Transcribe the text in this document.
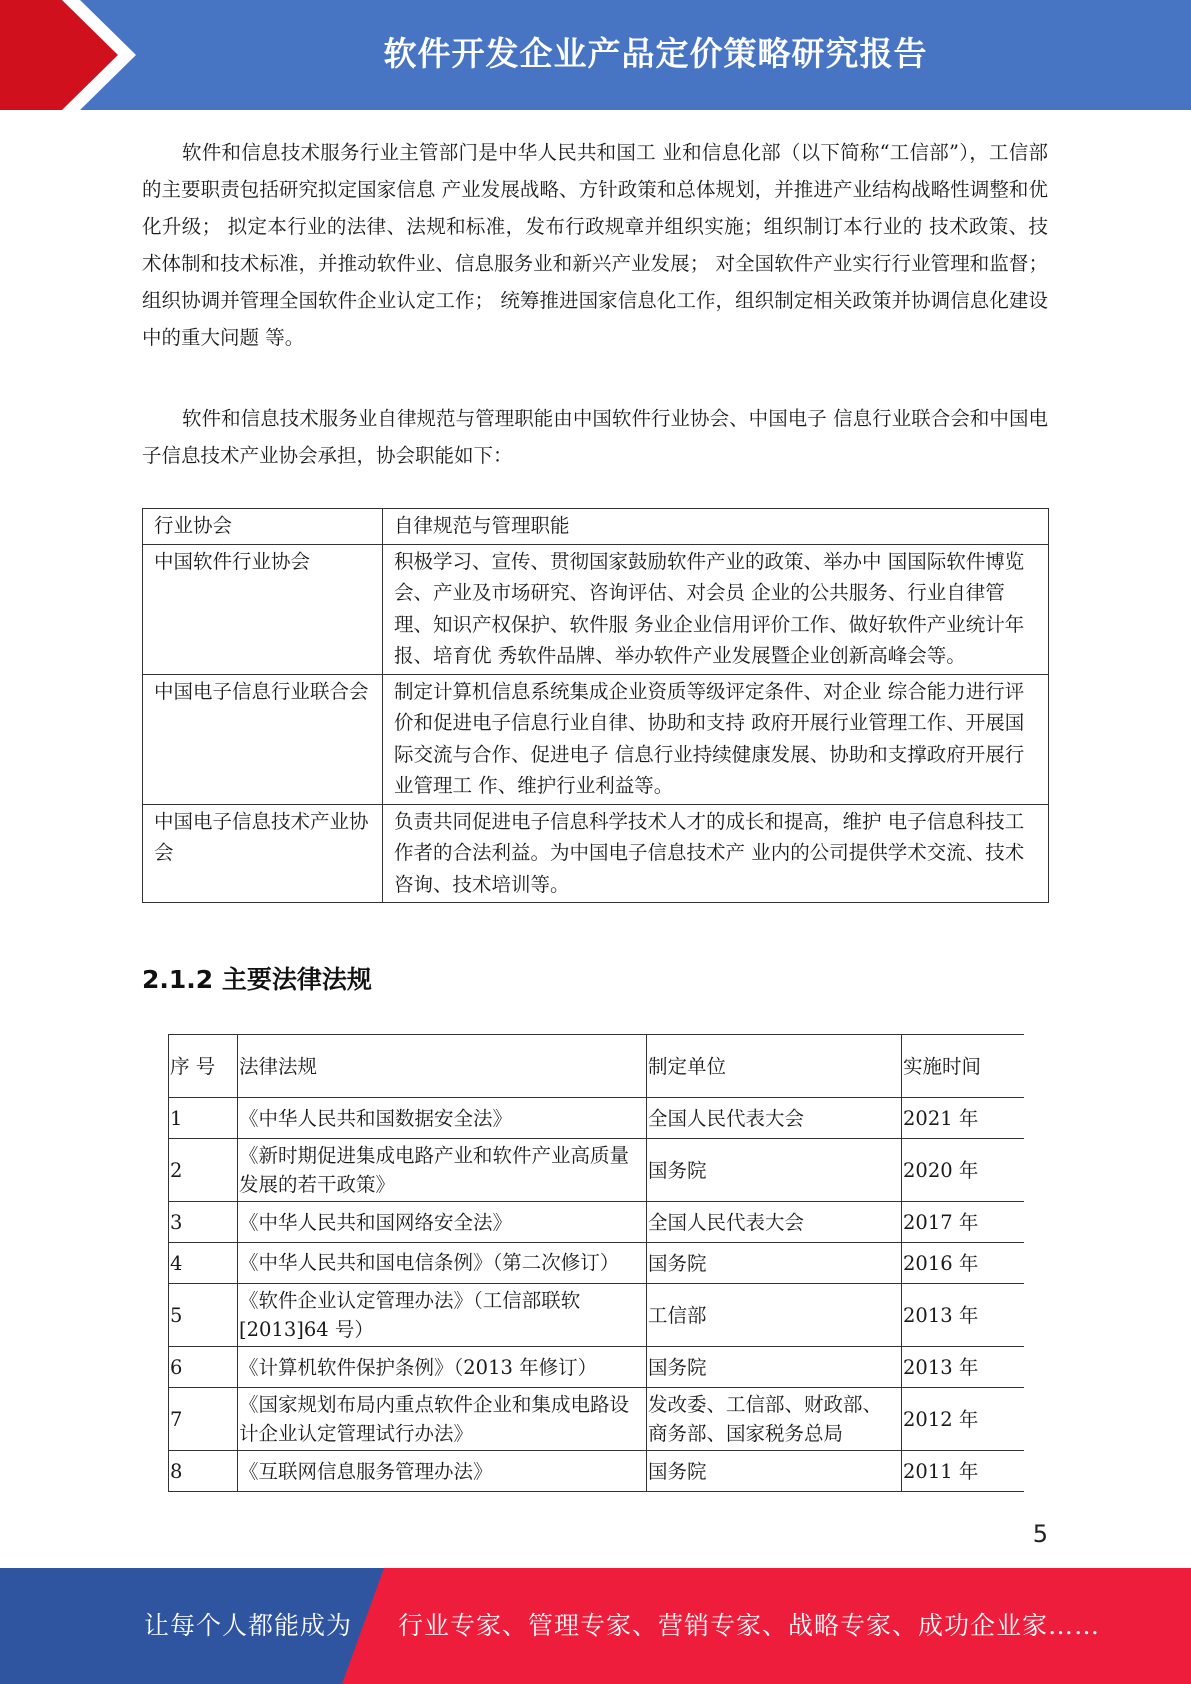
软件开发企业产品定价策略研究报告

软件和信息技术服务行业主管部门是中华人民共和国工 业和信息化部（以下简称“工信部”），工信部的主要职责包括研究拟定国家信息 产业发展战略、方针政策和总体规划，并推进产业结构战略性调整和优化升级； 拟定本行业的法律、法规和标准，发布行政规章并组织实施；组织制订本行业的 技术政策、技术体制和技术标准，并推动软件业、信息服务业和新兴产业发展； 对全国软件产业实行行业管理和监督；组织协调并管理全国软件企业认定工作； 统筹推进国家信息化工作，组织制定相关政策并协调信息化建设中的重大问题 等。

软件和信息技术服务业自律规范与管理职能由中国软件行业协会、中国电子 信息行业联合会和中国电子信息技术产业协会承担，协会职能如下：

行业协会	自律规范与管理职能
中国软件行业协会	积极学习、宣传、贯彻国家鼓励软件产业的政策、举办中 国国际软件博览会、产业及市场研究、咨询评估、对会员 企业的公共服务、行业自律管理、知识产权保护、软件服 务业企业信用评价工作、做好软件产业统计年报、培育优 秀软件品牌、举办软件产业发展暨企业创新高峰会等。
中国电子信息行业联合会	制定计算机信息系统集成企业资质等级评定条件、对企业 综合能力进行评价和促进电子信息行业自律、协助和支持 政府开展行业管理工作、开展国际交流与合作、促进电子 信息行业持续健康发展、协助和支撑政府开展行业管理工 作、维护行业利益等。
中国电子信息技术产业协会	负责共同促进电子信息科学技术人才的成长和提高，维护 电子信息科技工作者的合法利益。为中国电子信息技术产 业内的公司提供学术交流、技术咨询、技术培训等。
2.1.2 主要法律法规
序 号	法律法规	制定单位	实施时间
1	《中华人民共和国数据安全法》	全国人民代表大会	2021 年
2	《新时期促进集成电路产业和软件产业高质量发展的若干政策》	国务院	2020 年
3	《中华人民共和国网络安全法》	全国人民代表大会	2017 年
4	《中华人民共和国电信条例》（第二次修订）	国务院	2016 年
5	《软件企业认定管理办法》（工信部联软[2013]64 号）	工信部	2013 年
6	《计算机软件保护条例》（2013 年修订）	国务院	2013 年
7	《国家规划布局内重点软件企业和集成电路设计企业认定管理试行办法》	发改委、工信部、财政部、商务部、国家税务总局	2012 年
8	《互联网信息服务管理办法》	国务院	2011 年
5
让每个人都能成为 行业专家、管理专家、营销专家、战略专家、成功企业家……
